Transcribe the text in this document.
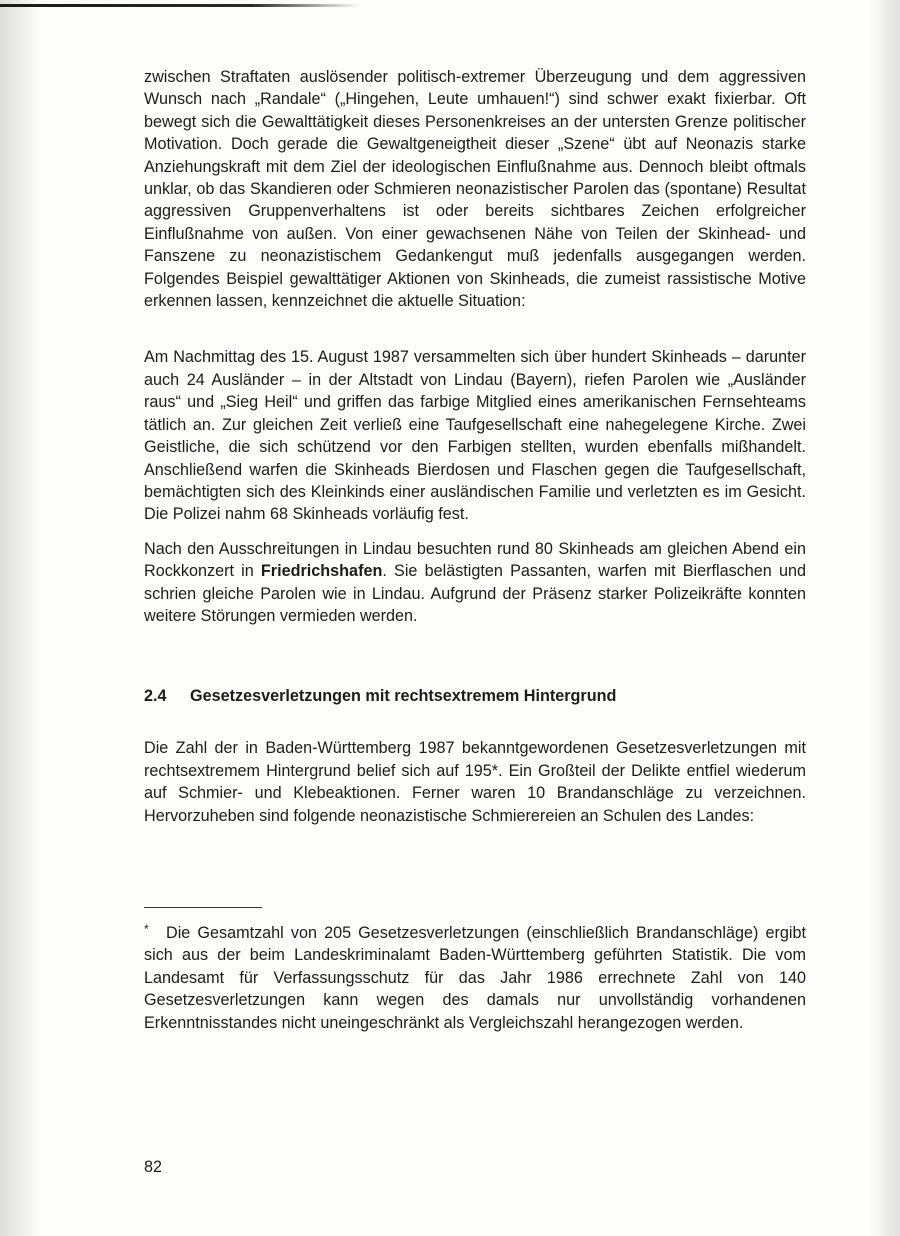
zwischen Straftaten auslösender politisch-extremer Überzeugung und dem aggressiven Wunsch nach „Randale“ („Hingehen, Leute umhauen!“) sind schwer exakt fixierbar. Oft bewegt sich die Gewalttätigkeit dieses Personenkreises an der untersten Grenze politischer Motivation. Doch gerade die Gewaltgeneigtheit dieser „Szene“ übt auf Neonazis starke Anziehungskraft mit dem Ziel der ideologischen Einflußnahme aus. Dennoch bleibt oftmals unklar, ob das Skandieren oder Schmieren neonazistischer Parolen das (spontane) Resultat aggressiven Gruppenverhaltens ist oder bereits sichtbares Zeichen erfolgreicher Einflußnahme von außen. Von einer gewachsenen Nähe von Teilen der Skinhead- und Fanszene zu neonazistischem Gedankengut muß jedenfalls ausgegangen werden. Folgendes Beispiel gewalttätiger Aktionen von Skinheads, die zumeist rassistische Motive erkennen lassen, kennzeichnet die aktuelle Situation:

Am Nachmittag des 15. August 1987 versammelten sich über hundert Skinheads – darunter auch 24 Ausländer – in der Altstadt von Lindau (Bayern), riefen Parolen wie „Ausländer raus“ und „Sieg Heil“ und griffen das farbige Mitglied eines amerikanischen Fernsehteams tätlich an. Zur gleichen Zeit verließ eine Taufgesellschaft eine nahegelegene Kirche. Zwei Geistliche, die sich schützend vor den Farbigen stellten, wurden ebenfalls mißhandelt. Anschließend warfen die Skinheads Bierdosen und Flaschen gegen die Taufgesellschaft, bemächtigten sich des Kleinkinds einer ausländischen Familie und verletzten es im Gesicht. Die Polizei nahm 68 Skinheads vorläufig fest.

Nach den Ausschreitungen in Lindau besuchten rund 80 Skinheads am gleichen Abend ein Rockkonzert in Friedrichshafen. Sie belästigten Passanten, warfen mit Bierflaschen und schrien gleiche Parolen wie in Lindau. Aufgrund der Präsenz starker Polizeikräfte konnten weitere Störungen vermieden werden.

2.4	Gesetzesverletzungen mit rechtsextremem Hintergrund

Die Zahl der in Baden-Württemberg 1987 bekanntgewordenen Gesetzesverletzungen mit rechtsextremem Hintergrund belief sich auf 195*. Ein Großteil der Delikte entfiel wiederum auf Schmier- und Klebeaktionen. Ferner waren 10 Brandanschläge zu verzeichnen. Hervorzuheben sind folgende neonazistische Schmierereien an Schulen des Landes:

*	Die Gesamtzahl von 205 Gesetzesverletzungen (einschließlich Brandanschläge) ergibt sich aus der beim Landeskriminalamt Baden-Württemberg geführten Statistik. Die vom Landesamt für Verfassungsschutz für das Jahr 1986 errechnete Zahl von 140 Gesetzesverletzungen kann wegen des damals nur unvollständig vorhandenen Erkenntnisstandes nicht uneingeschränkt als Vergleichszahl herangezogen werden.
82
